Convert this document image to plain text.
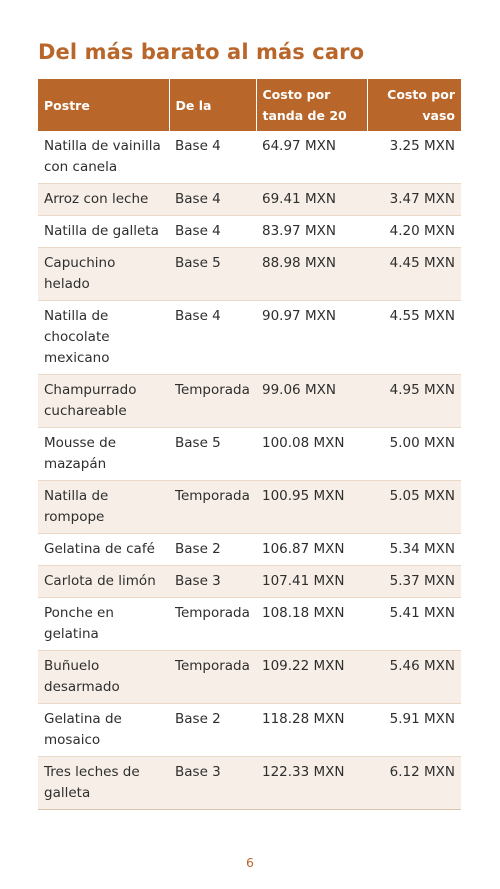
Del más barato al más caro
Postre	De la	Costo por tanda de 20	Costo por vaso
Natilla de vainilla con canela	Base 4	64.97 MXN	3.25 MXN
Arroz con leche	Base 4	69.41 MXN	3.47 MXN
Natilla de galleta	Base 4	83.97 MXN	4.20 MXN
Capuchino helado	Base 5	88.98 MXN	4.45 MXN
Natilla de chocolate mexicano	Base 4	90.97 MXN	4.55 MXN
Champurrado cuchareable	Temporada	99.06 MXN	4.95 MXN
Mousse de mazapán	Base 5	100.08 MXN	5.00 MXN
Natilla de rompope	Temporada	100.95 MXN	5.05 MXN
Gelatina de café	Base 2	106.87 MXN	5.34 MXN
Carlota de limón	Base 3	107.41 MXN	5.37 MXN
Ponche en gelatina	Temporada	108.18 MXN	5.41 MXN
Buñuelo desarmado	Temporada	109.22 MXN	5.46 MXN
Gelatina de mosaico	Base 2	118.28 MXN	5.91 MXN
Tres leches de galleta	Base 3	122.33 MXN	6.12 MXN
6
